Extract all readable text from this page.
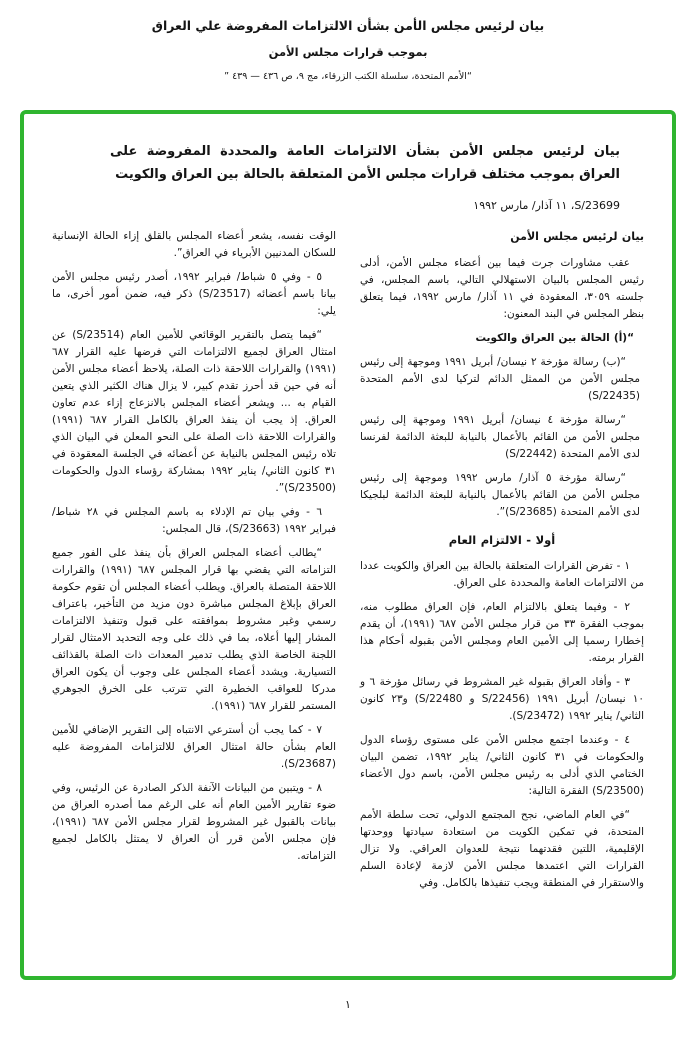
بيان لرئيس مجلس الأمن بشأن الالتزامات المفروضة علي العراق
بموجب قرارات مجلس الأمن
“الأمم المتحدة، سلسلة الكتب الزرقاء، مج ٩، ص ٤٣٦ — ٤٣٩ ”
بيان لرئيس مجلس الأمن بشأن الالتزامات العامة والمحددة المفروضة على العراق بموجب مختلف قرارات مجلس الأمن المتعلقة بالحالة بين العراق والكويت
S/23699، ١١ آذار/ مارس ١٩٩٢

بيان لرئيس مجلس الأمن

عقب مشاورات جرت فيما بين أعضاء مجلس الأمن، أدلى رئيس المجلس بالبيان الاستهلالي التالي، باسم المجلس، في جلسته ٣٠٥٩، المعقودة في ١١ آذار/ مارس ١٩٩٢، فيما يتعلق بنظر المجلس في البند المعنون:

“(أ) الحالة بين العراق والكويت

“(ب) رسالة مؤرخة ٢ نيسان/ أبريل ١٩٩١ وموجهة إلى رئيس مجلس الأمن من الممثل الدائم لتركيا لدى الأمم المتحدة (S/22435)

“رسالة مؤرخة ٤ نيسان/ أبريل ١٩٩١ وموجهة إلى رئيس مجلس الأمن من القائم بالأعمال بالنيابة للبعثة الدائمة لفرنسا لدى الأمم المتحدة (S/22442)

“رسالة مؤرخة ٥ آذار/ مارس ١٩٩٢ وموجهة إلى رئيس مجلس الأمن من القائم بالأعمال بالنيابة للبعثة الدائمة لبلجيكا لدى الأمم المتحدة (S/23685)”.

أولا - الالتزام العام

١ - تفرض القرارات المتعلقة بالحالة بين العراق والكويت عددا من الالتزامات العامة والمحددة على العراق.

٢ - وفيما يتعلق بالالتزام العام، فإن العراق مطلوب منه، بموجب الفقرة ٣٣ من قرار مجلس الأمن ٦٨٧ (١٩٩١)، أن يقدم إخطارا رسميا إلى الأمين العام ومجلس الأمن بقبوله أحكام هذا القرار برمته.

٣ - وأفاد العراق بقبوله غير المشروط في رسائل مؤرخة ٦ و ١٠ نيسان/ أبريل ١٩٩١ (S/22456 و S/22480) و٢٣ كانون الثاني/ يناير ١٩٩٢ (S/23472).

٤ - وعندما اجتمع مجلس الأمن على مستوى رؤساء الدول والحكومات في ٣١ كانون الثاني/ يناير ١٩٩٢، تضمن البيان الختامي الذي أدلى به رئيس مجلس الأمن، باسم دول الأعضاء (S/23500) الفقرة التالية:

“في العام الماضي، نجح المجتمع الدولي، تحت سلطة الأمم المتحدة، في تمكين الكويت من استعادة سيادتها ووحدتها الإقليمية، اللتين فقدتهما نتيجة للعدوان العراقي. ولا تزال القرارات التي اعتمدها مجلس الأمن لازمة لإعادة السلم والاستقرار في المنطقة ويجب تنفيذها بالكامل. وفي

الوقت نفسه، يشعر أعضاء المجلس بالقلق إزاء الحالة الإنسانية للسكان المدنيين الأبرياء في العراق”.

٥ - وفي ٥ شباط/ فبراير ١٩٩٢، أصدر رئيس مجلس الأمن بيانا باسم أعضائه (S/23517) ذكر فيه، ضمن أمور أخرى، ما يلي:

“فيما يتصل بالتقرير الوقائعي للأمين العام (S/23514) عن امتثال العراق لجميع الالتزامات التي فرضها عليه القرار ٦٨٧ (١٩٩١) والقرارات اللاحقة ذات الصلة، يلاحظ أعضاء مجلس الأمن أنه في حين قد أحرز تقدم كبير، لا يزال هناك الكثير الذي يتعين القيام به ... ويشعر أعضاء المجلس بالانزعاج إزاء عدم تعاون العراق. إذ يجب أن ينفذ العراق بالكامل القرار ٦٨٧ (١٩٩١) والقرارات اللاحقة ذات الصلة على النحو المعلن في البيان الذي تلاه رئيس المجلس بالنيابة عن أعضائه في الجلسة المعقودة في ٣١ كانون الثاني/ يناير ١٩٩٢ بمشاركة رؤساء الدول والحكومات (S/23500)”.

٦ - وفي بيان تم الإدلاء به باسم المجلس في ٢٨ شباط/ فبراير ١٩٩٢ (S/23663)، قال المجلس:

“يطالب أعضاء المجلس العراق بأن ينفذ على الفور جميع التزاماته التي يقضي بها قرار المجلس ٦٨٧ (١٩٩١) والقرارات اللاحقة المتصلة بالعراق. ويطلب أعضاء المجلس أن تقوم حكومة العراق بإبلاغ المجلس مباشرة دون مزيد من التأخير، باعتراف رسمي وغير مشروط بموافقته على قبول وتنفيذ الالتزامات المشار إليها أعلاه، بما في ذلك على وجه التحديد الامتثال لقرار اللجنة الخاصة الذي يطلب تدمير المعدات ذات الصلة بالقذائف التسيارية. ويشدد أعضاء المجلس على وجوب أن يكون العراق مدركا للعواقب الخطيرة التي تترتب على الخرق الجوهري المستمر للقرار ٦٨٧ (١٩٩١).

٧ - كما يجب أن أسترعي الانتباه إلى التقرير الإضافي للأمين العام بشأن حالة امتثال العراق للالتزامات المفروضة عليه (S/23687).

٨ - ويتبين من البيانات الآنفة الذكر الصادرة عن الرئيس، وفي ضوء تقارير الأمين العام أنه على الرغم مما أصدره العراق من بيانات بالقبول غير المشروط لقرار مجلس الأمن ٦٨٧ (١٩٩١)، فإن مجلس الأمن قرر أن العراق لا يمتثل بالكامل لجميع التزاماته.

١
